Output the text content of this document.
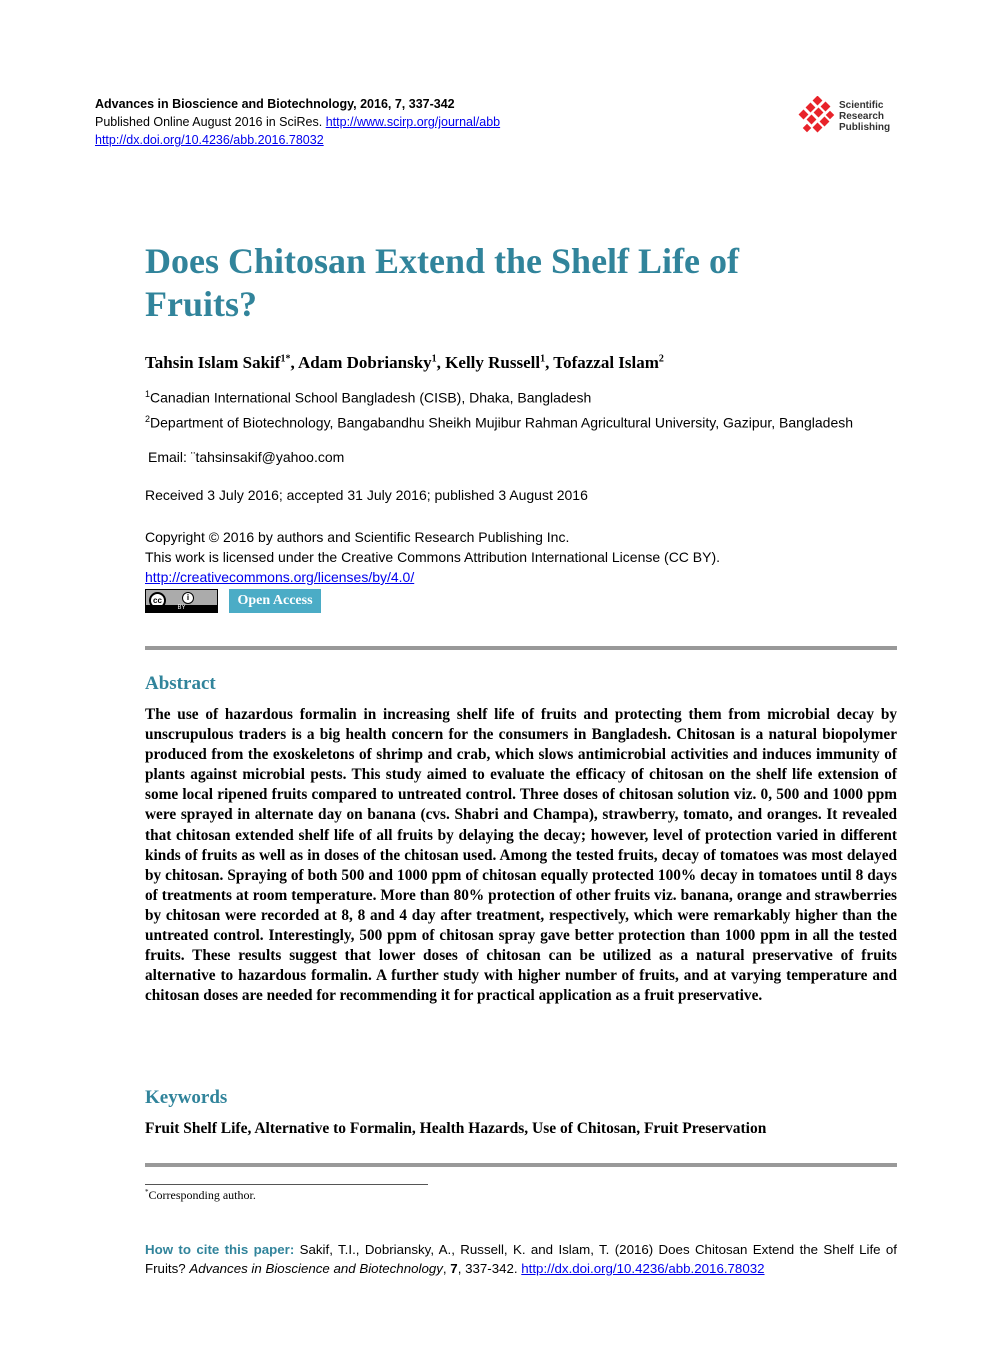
Advances in Bioscience and Biotechnology, 2016, 7, 337-342
Published Online August 2016 in SciRes. http://www.scirp.org/journal/abb
http://dx.doi.org/10.4236/abb.2016.78032
Scientific
Research
Publishing
Does Chitosan Extend the Shelf Life of Fruits?
Tahsin Islam Sakif$^{1*}$, Adam Dobriansky$^1$, Kelly Russell$^1$, Tofazzal Islam$^2$
$^1$Canadian International School Bangladesh (CISB), Dhaka, Bangladesh
$^2$Department of Biotechnology, Bangabandhu Sheikh Mujibur Rahman Agricultural University, Gazipur, Bangladesh
Email: ¨tahsinsakif@yahoo.com
Received 3 July 2016; accepted 31 July 2016; published 3 August 2016
Copyright © 2016 by authors and Scientific Research Publishing Inc.
This work is licensed under the Creative Commons Attribution International License (CC BY).
http://creativecommons.org/licenses/by/4.0/
cc	i
BY	Open Access
Abstract
The use of hazardous formalin in increasing shelf life of fruits and protecting them from microbial decay by unscrupulous traders is a big health concern for the consumers in Bangladesh. Chitosan is a natural biopolymer produced from the exoskeletons of shrimp and crab, which slows antimicrobial activities and induces immunity of plants against microbial pests. This study aimed to evaluate the efficacy of chitosan on the shelf life extension of some local ripened fruits compared to untreated control. Three doses of chitosan solution viz. 0, 500 and 1000 ppm were sprayed in alternate day on banana (cvs. Shabri and Champa), strawberry, tomato, and oranges. It revealed that chitosan extended shelf life of all fruits by delaying the decay; however, level of protection varied in different kinds of fruits as well as in doses of the chitosan used. Among the tested fruits, decay of tomatoes was most delayed by chitosan. Spraying of both 500 and 1000 ppm of chitosan equally protected 100% decay in tomatoes until 8 days of treatments at room temperature. More than 80% protection of other fruits viz. banana, orange and strawberries by chitosan were recorded at 8, 8 and 4 day after treatment, respectively, which were remarkably higher than the untreated control. Interestingly, 500 ppm of chitosan spray gave better protection than 1000 ppm in all the tested fruits. These results suggest that lower doses of chitosan can be utilized as a natural preservative of fruits alternative to hazardous formalin. A further study with higher number of fruits, and at varying temperature and chitosan doses are needed for recommending it for practical application as a fruit preservative.
Keywords
Fruit Shelf Life, Alternative to Formalin, Health Hazards, Use of Chitosan, Fruit Preservation
*Corresponding author.
How to cite this paper: Sakif, T.I., Dobriansky, A., Russell, K. and Islam, T. (2016) Does Chitosan Extend the Shelf Life of Fruits? Advances in Bioscience and Biotechnology, 7, 337-342. http://dx.doi.org/10.4236/abb.2016.78032
